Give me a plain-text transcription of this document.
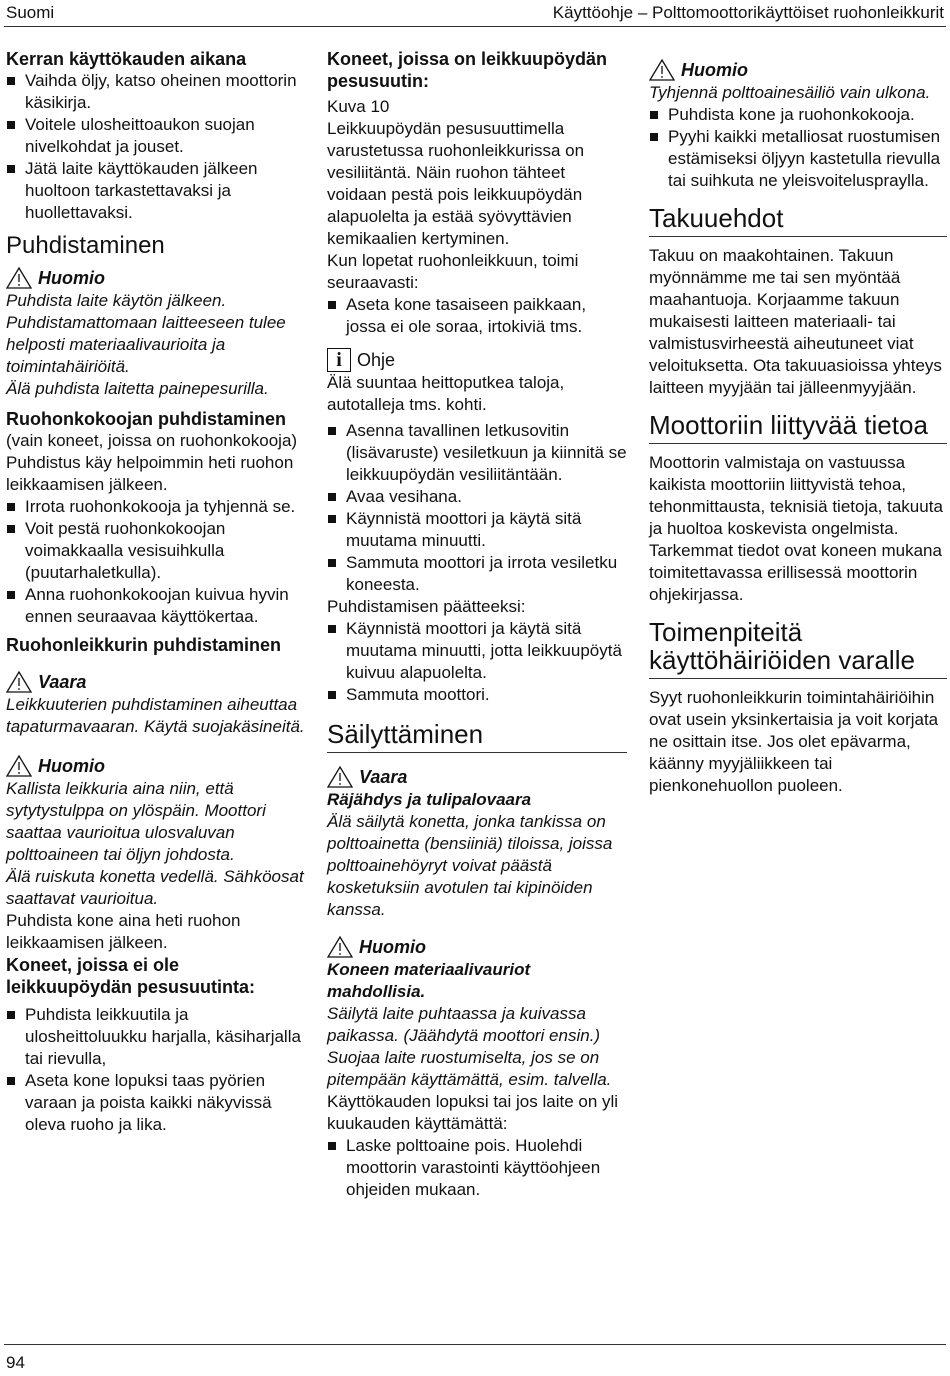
Suomi	Käyttöohje – Polttomoottorikäyttöiset ruohonleikkurit

Kerran käyttökauden aikana

Vaihda öljy, katso oheinen moottorin käsikirja.
Voitele ulosheittoaukon suojan nivelkohdat ja jouset.
Jätä laite käyttökauden jälkeen huoltoon tarkastettavaksi ja huollettavaksi.
Puhdistaminen
Huomio

Puhdista laite käytön jälkeen.

Puhdistamattomaan laitteeseen tulee helposti materiaalivaurioita ja toimintahäiriöitä.

Älä puhdista laitetta painepesurilla.

Ruohonkokoojan puhdistaminen

(vain koneet, joissa on ruohonkokooja)

Puhdistus käy helpoimmin heti ruohon leikkaamisen jälkeen.

Irrota ruohonkokooja ja tyhjennä se.
Voit pestä ruohonkokoojan voimakkaalla vesisuihkulla (puutarhaletkulla).
Anna ruohonkokoojan kuivua hyvin ennen seuraavaa käyttökertaa.

Ruohonleikkurin puhdistaminen

Vaara

Leikkuuterien puhdistaminen aiheuttaa tapaturmavaaran. Käytä suojakäsineitä.

Huomio

Kallista leikkuria aina niin, että sytytystulppa on ylöspäin. Moottori saattaa vaurioitua ulosvaluvan polttoaineen tai öljyn johdosta.

Älä ruiskuta konetta vedellä. Sähköosat saattavat vaurioitua.

Puhdista kone aina heti ruohon leikkaamisen jälkeen.

Koneet, joissa ei ole leikkuupöydän pesusuutinta:

Puhdista leikkuutila ja ulosheittoluukku harjalla, käsiharjalla tai rievulla,
Aseta kone lopuksi taas pyörien varaan ja poista kaikki näkyvissä oleva ruoho ja lika.

Koneet, joissa on leikkuupöydän pesusuutin:

Kuva 10

Leikkuupöydän pesusuuttimella varustetussa ruohonleikkurissa on vesiliitäntä. Näin ruohon tähteet voidaan pestä pois leikkuupöydän alapuolelta ja estää syövyttävien kemikaalien kertyminen.

Kun lopetat ruohonleikkuun, toimi seuraavasti:

Aseta kone tasaiseen paikkaan, jossa ei ole soraa, irtokiviä tms.
i Ohje

Älä suuntaa heittoputkea taloja, autotalleja tms. kohti.

Asenna tavallinen letkusovitin (lisävaruste) vesiletkuun ja kiinnitä se leikkuupöydän vesiliitäntään.
Avaa vesihana.
Käynnistä moottori ja käytä sitä muutama minuutti.
Sammuta moottori ja irrota vesiletku koneesta.

Puhdistamisen päätteeksi:

Käynnistä moottori ja käytä sitä muutama minuutti, jotta leikkuupöytä kuivuu alapuolelta.
Sammuta moottori.
Säilyttäminen
Vaara

Räjähdys ja tulipalovaara

Älä säilytä konetta, jonka tankissa on polttoainetta (bensiiniä) tiloissa, joissa polttoainehöyryt voivat päästä kosketuksiin avotulen tai kipinöiden kanssa.

Huomio

Koneen materiaalivauriot mahdollisia.

Säilytä laite puhtaassa ja kuivassa paikassa. (Jäähdytä moottori ensin.) Suojaa laite ruostumiselta, jos se on pitempään käyttämättä, esim. talvella.

Käyttökauden lopuksi tai jos laite on yli kuukauden käyttämättä:

Laske polttoaine pois. Huolehdi moottorin varastointi käyttöohjeen ohjeiden mukaan.
Huomio

Tyhjennä polttoainesäiliö vain ulkona.

Puhdista kone ja ruohonkokooja.
Pyyhi kaikki metalliosat ruostumisen estämiseksi öljyyn kastetulla rievulla tai suihkuta ne yleisvoiteluspraylla.
Takuuehdot

Takuu on maakohtainen. Takuun myönnämme me tai sen myöntää maahantuoja. Korjaamme takuun mukaisesti laitteen materiaali- tai valmistusvirheestä aiheutuneet viat veloituksetta. Ota takuuasioissa yhteys laitteen myyjään tai jälleenmyyjään.

Moottoriin liittyvää tietoa

Moottorin valmistaja on vastuussa kaikista moottoriin liittyvistä tehoa, tehonmittausta, teknisiä tietoja, takuuta ja huoltoa koskevista ongelmista. Tarkemmat tiedot ovat koneen mukana toimitettavassa erillisessä moottorin ohjekirjassa.

Toimenpiteitä käyttöhäiriöiden varalle

Syyt ruohonleikkurin toimintahäiriöihin ovat usein yksinkertaisia ja voit korjata ne osittain itse. Jos olet epävarma, käänny myyjäliikkeen tai pienkonehuollon puoleen.

94
